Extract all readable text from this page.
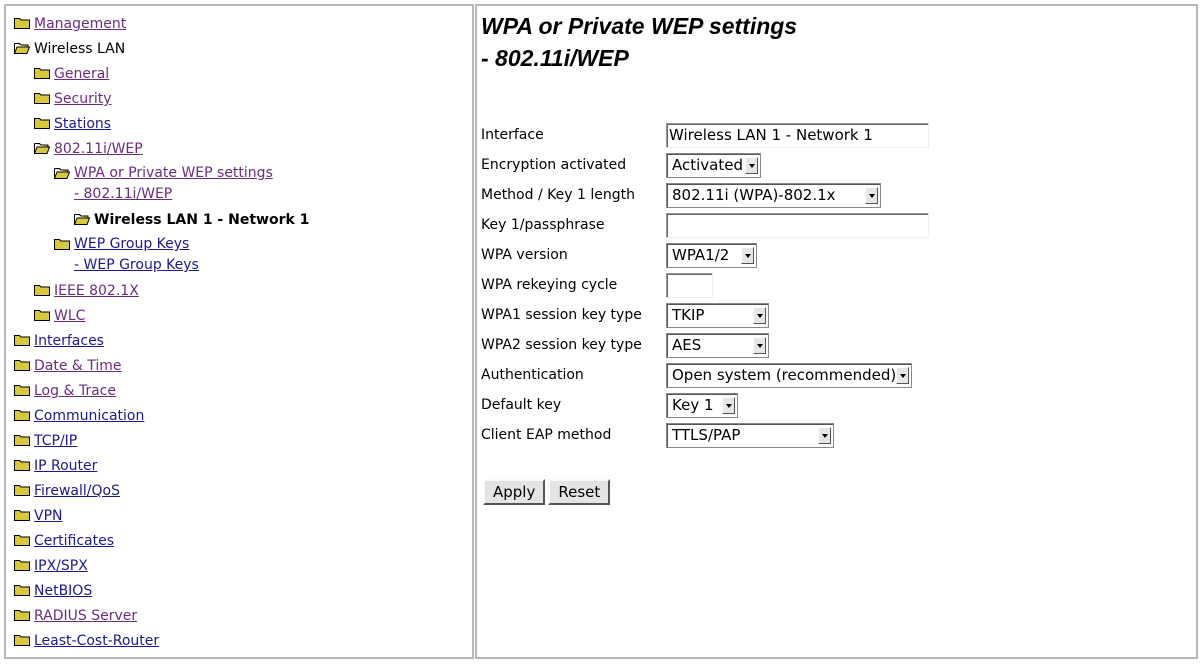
Management
Wireless LAN
General
Security
Stations
802.11i/WEP
WPA or Private WEP settings
- 802.11i/WEP
Wireless LAN 1 - Network 1
WEP Group Keys
- WEP Group Keys
IEEE 802.1X
WLC
Interfaces
Date & Time
Log & Trace
Communication
TCP/IP
IP Router
Firewall/QoS
VPN
Certificates
IPX/SPX
NetBIOS
RADIUS Server
Least-Cost-Router
WPA or Private WEP settings
- 802.11i/WEP
Interface	Wireless LAN 1 - Network 1

Encryption activated	Activated

Method / Key 1 length	802.11i (WPA)-802.1x

Key 1/passphrase	

WPA version	WPA1/2

WPA rekeying cycle	

WPA1 session key type	TKIP

WPA2 session key type	AES

Authentication	Open system (recommended)

Default key	Key 1

Client EAP method	TTLS/PAP
Apply Reset
